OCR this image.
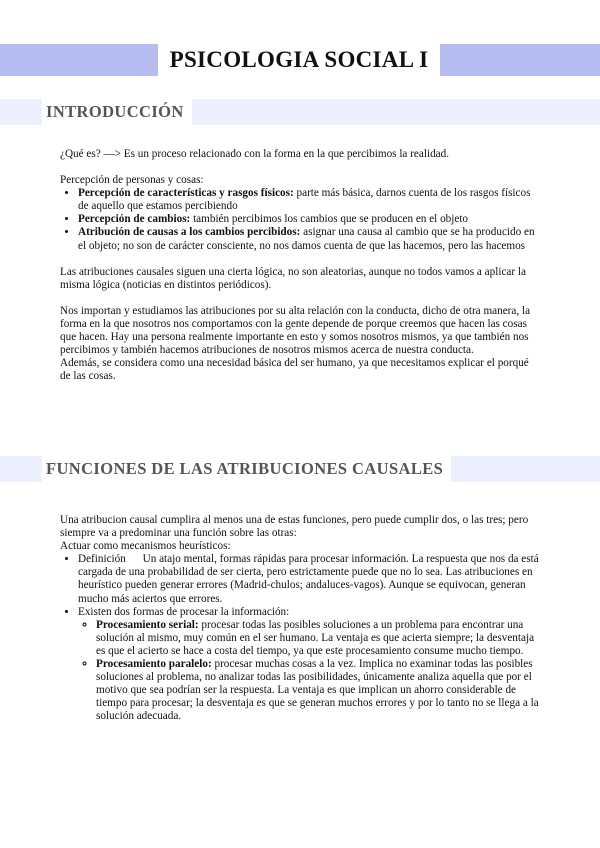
PSICOLOGIA SOCIAL I
INTRODUCCIÓN

¿Qué es? —> Es un proceso relacionado con la forma en la que percibimos la realidad.

Percepción de personas y cosas:

• Percepción de características y rasgos físicos: parte más básica, darnos cuenta de los rasgos físicos de aquello que estamos percibiendo
• Percepción de cambios: también percibimos los cambios que se producen en el objeto
• Atribución de causas a los cambios percibidos: asignar una causa al cambio que se ha producido en el objeto; no son de carácter consciente, no nos damos cuenta de que las hacemos, pero las hacemos

Las atribuciones causales siguen una cierta lógica, no son aleatorias, aunque no todos vamos a aplicar la misma lógica (noticias en distintos periódicos).

Nos importan y estudiamos las atribuciones por su alta relación con la conducta, dicho de otra manera, la forma en la que nosotros nos comportamos con la gente depende de porque creemos que hacen las cosas que hacen. Hay una persona realmente importante en esto y somos nosotros mismos, ya que también nos percibimos y también hacemos atribuciones de nosotros mismos acerca de nuestra conducta.

Además, se considera como una necesidad básica del ser humano, ya que necesitamos explicar el porqué de las cosas.

FUNCIONES DE LAS ATRIBUCIONES CAUSALES

Una atribucion causal cumplira al menos una de estas funciones, pero puede cumplir dos, o las tres; pero siempre va a predominar una función sobre las otras:

Actuar como mecanismos heurísticos:

• Definición      Un atajo mental, formas rápidas para procesar información. La respuesta que nos da está cargada de una probabilidad de ser cierta, pero estrictamente puede que no lo sea. Las atribuciones en heurístico pueden generar errores (Madrid-chulos; andaluces-vagos). Aunque se equivocan, generan mucho más aciertos que errores.
• Existen dos formas de procesar la información:
◦ Procesamiento serial: procesar todas las posibles soluciones a un problema para encontrar una solución al mismo, muy común en el ser humano. La ventaja es que acierta siempre; la desventaja es que el acierto se hace a costa del tiempo, ya que este procesamiento consume mucho tiempo.
◦ Procesamiento paralelo: procesar muchas cosas a la vez. Implica no examinar todas las posibles soluciones al problema, no analizar todas las posibilidades, únicamente analiza aquella que por el motivo que sea podrían ser la respuesta. La ventaja es que implican un ahorro considerable de tiempo para procesar; la desventaja es que se generan muchos errores y por lo tanto no se llega a la solución adecuada.
